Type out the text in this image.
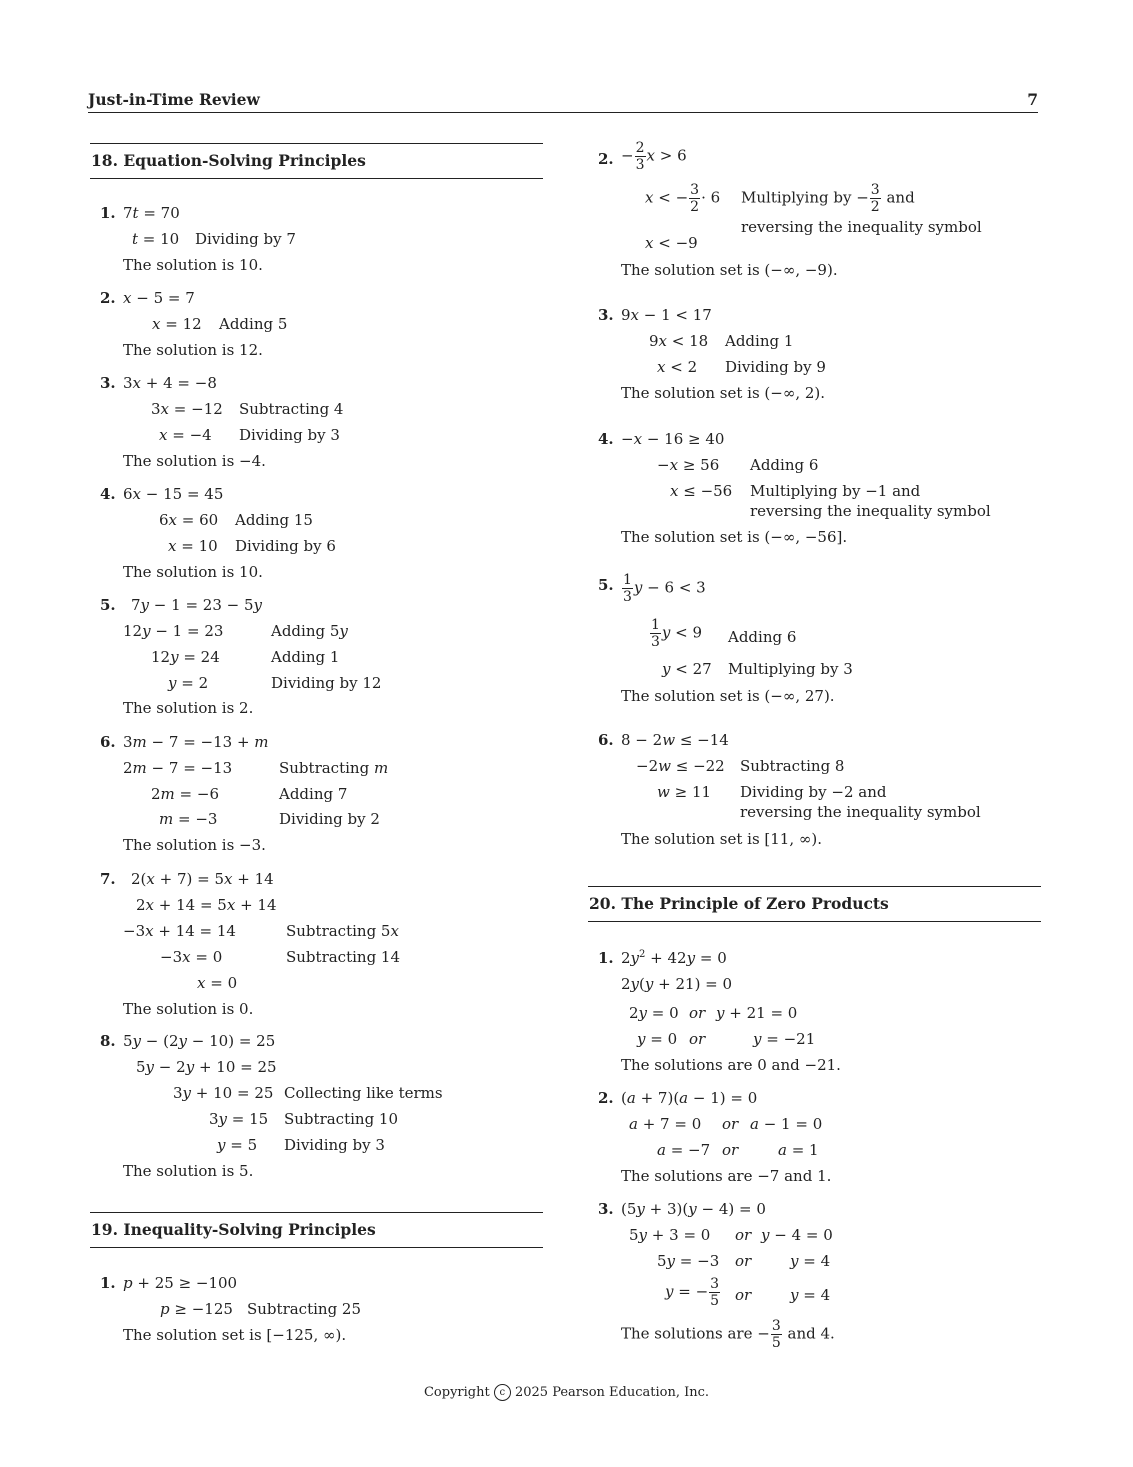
Just-in-Time Review	7
18. Equation-Solving Principles
1. 7t = 70
t = 10 Dividing by 7
The solution is 10.
2. x − 5 = 7
x = 12 Adding 5
The solution is 12.
3. 3x + 4 = −8
3x = −12 Subtracting 4
x = −4 Dividing by 3
The solution is −4.
4. 6x − 15 = 45
6x = 60 Adding 15
x = 10 Dividing by 6
The solution is 10.
5. 7y − 1 = 23 − 5y
12y − 1 = 23	Adding 5y
12y = 24	Adding 1
y = 2	Dividing by 12
The solution is 2.
6. 3m − 7 = −13 + m
2m − 7 = −13	Subtracting m
2m = −6	Adding 7
m = −3	Dividing by 2
The solution is −3.
7. 2(x + 7) = 5x + 14
2x + 14 = 5x + 14
−3x + 14 = 14	Subtracting 5x
−3x = 0	Subtracting 14
x = 0
The solution is 0.
8. 5y − (2y − 10) = 25
5y − 2y + 10 = 25
3y + 10 = 25 Collecting like terms
3y = 15 Subtracting 10
y = 5 Dividing by 3
The solution is 5.
19. Inequality-Solving Principles
1. p + 25 ≥ −100
p ≥ −125 Subtracting 25
The solution set is [−125, ∞).
2. − $\frac{2}{3}$ x > 6
x < − $\frac{3}{2} \cdot 6$ Multiplying by − $\frac{3}{2}$ and
reversing the inequality symbol
x < −9
The solution set is (−∞, −9).
3. 9x − 1 < 17
9x < 18 Adding 1
x < 2 Dividing by 9
The solution set is (−∞, 2).
4. −x − 16 ≥ 40
−x ≥ 56 Adding 6
x ≤ −56 Multiplying by −1 and
reversing the inequality symbol
The solution set is (−∞, −56].
5. $\frac{1}{3}$ y − 6 < 3
$\frac{1}{3}$ y < 9 Adding 6
y < 27 Multiplying by 3
The solution set is (−∞, 27).
6. 8 − 2w ≤ −14
−2w ≤ −22 Subtracting 8
w ≥ 11 Dividing by −2 and
reversing the inequality symbol
The solution set is [11, ∞).
20. The Principle of Zero Products
1. $2y^2 + 42y = 0$
2y(y + 21) = 0
2y = 0 or y + 21 = 0
y = 0 or	y = −21
The solutions are 0 and −21.
2. (a + 7)(a − 1) = 0
a + 7 = 0 or a − 1 = 0
a = −7 or	a = 1
The solutions are −7 and 1.
3. (5y + 3)(y − 4) = 0
5y + 3 = 0 or y − 4 = 0
5y = −3 or	y = 4
y = − $\frac{3}{5}$ or	y = 4
The solutions are − $\frac{3}{5}$ and 4.
Copyright c 2025 Pearson Education, Inc.
